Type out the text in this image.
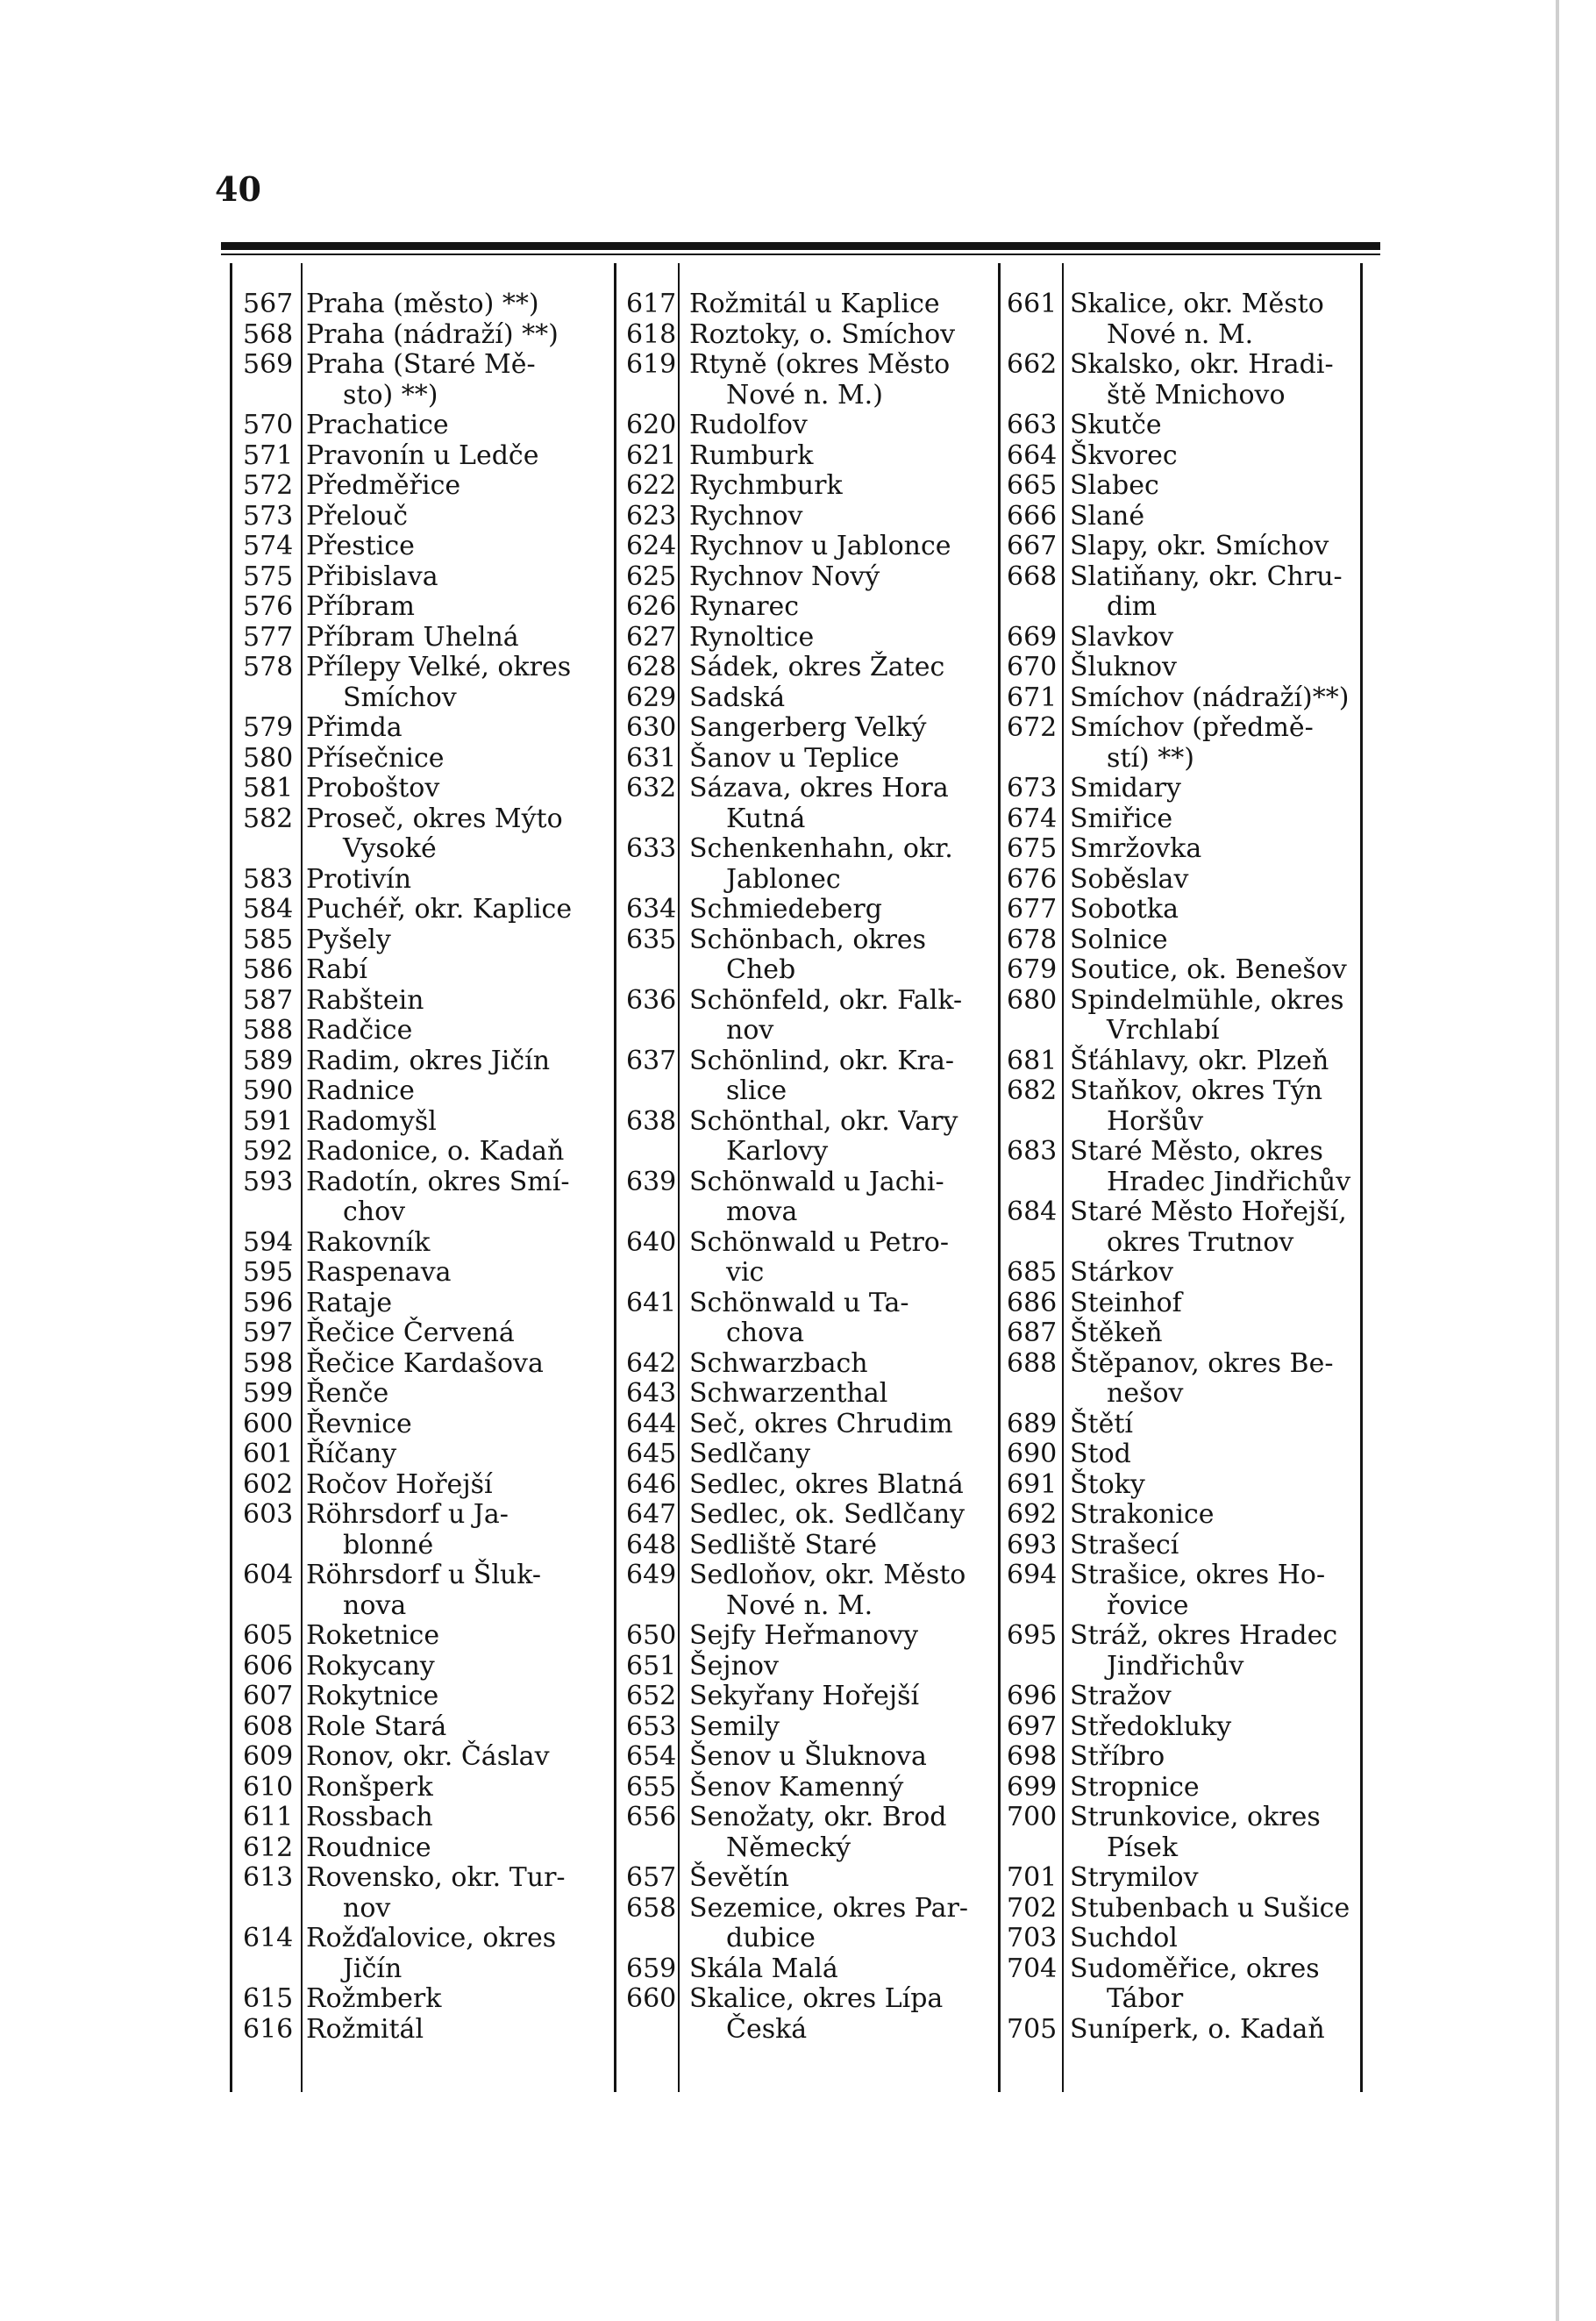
40
567 Praha (město) **)
568 Praha (nádraží) **)
569 Praha (Staré Mě-
sto) **)
570 Prachatice
571 Pravonín u Ledče
572 Předměřice
573 Přelouč
574 Přestice
575 Přibislava
576 Příbram
577 Příbram Uhelná
578 Přílepy Velké, okres
Smíchov
579 Přimda
580 Přísečnice
581 Proboštov
582 Proseč, okres Mýto
Vysoké
583 Protivín
584 Puchéř, okr. Kaplice
585 Pyšely
586 Rabí
587 Rabštein
588 Radčice
589 Radim, okres Jičín
590 Radnice
591 Radomyšl
592 Radonice, o. Kadaň
593 Radotín, okres Smí-
chov
594 Rakovník
595 Raspenava
596 Rataje
597 Řečice Červená
598 Řečice Kardašova
599 Řenče
600 Řevnice
601 Říčany
602 Ročov Hořejší
603 Röhrsdorf u Ja-
blonné
604 Röhrsdorf u Šluk-
nova
605 Roketnice
606 Rokycany
607 Rokytnice
608 Role Stará
609 Ronov, okr. Čáslav
610 Ronšperk
611 Rossbach
612 Roudnice
613 Rovensko, okr. Tur-
nov
614 Rožďalovice, okres
Jičín
615 Rožmberk
616 Rožmitál
617 Rožmitál u Kaplice
618 Roztoky, o. Smíchov
619 Rtyně (okres Město
Nové n. M.)
620 Rudolfov
621 Rumburk
622 Rychmburk
623 Rychnov
624 Rychnov u Jablonce
625 Rychnov Nový
626 Rynarec
627 Rynoltice
628 Sádek, okres Žatec
629 Sadská
630 Sangerberg Velký
631 Šanov u Teplice
632 Sázava, okres Hora
Kutná
633 Schenkenhahn, okr.
Jablonec
634 Schmiedeberg
635 Schönbach, okres
Cheb
636 Schönfeld, okr. Falk-
nov
637 Schönlind, okr. Kra-
slice
638 Schönthal, okr. Vary
Karlovy
639 Schönwald u Jachi-
mova
640 Schönwald u Petro-
vic
641 Schönwald u Ta-
chova
642 Schwarzbach
643 Schwarzenthal
644 Seč, okres Chrudim
645 Sedlčany
646 Sedlec, okres Blatná
647 Sedlec, ok. Sedlčany
648 Sedliště Staré
649 Sedloňov, okr. Město
Nové n. M.
650 Sejfy Heřmanovy
651 Šejnov
652 Sekyřany Hořejší
653 Semily
654 Šenov u Šluknova
655 Šenov Kamenný
656 Senožaty, okr. Brod
Německý
657 Ševětín
658 Sezemice, okres Par-
dubice
659 Skála Malá
660 Skalice, okres Lípa
Česká
661 Skalice, okr. Město
Nové n. M.
662 Skalsko, okr. Hradi-
ště Mnichovo
663 Skutče
664 Škvorec
665 Slabec
666 Slané
667 Slapy, okr. Smíchov
668 Slatiňany, okr. Chru-
dim
669 Slavkov
670 Šluknov
671 Smíchov (nádraží)**)
672 Smíchov (předmě-
stí) **)
673 Smidary
674 Smiřice
675 Smržovka
676 Soběslav
677 Sobotka
678 Solnice
679 Soutice, ok. Benešov
680 Spindelmühle, okres
Vrchlabí
681 Šťáhlavy, okr. Plzeň
682 Staňkov, okres Týn
Horšův
683 Staré Město, okres
Hradec Jindřichův
684 Staré Město Hořejší,
okres Trutnov
685 Stárkov
686 Steinhof
687 Štěkeň
688 Štěpanov, okres Be-
nešov
689 Štětí
690 Stod
691 Štoky
692 Strakonice
693 Strašecí
694 Strašice, okres Ho-
řovice
695 Stráž, okres Hradec
Jindřichův
696 Stražov
697 Středokluky
698 Stříbro
699 Stropnice
700 Strunkovice, okres
Písek
701 Strymilov
702 Stubenbach u Sušice
703 Suchdol
704 Sudoměřice, okres
Tábor
705 Suníperk, o. Kadaň
